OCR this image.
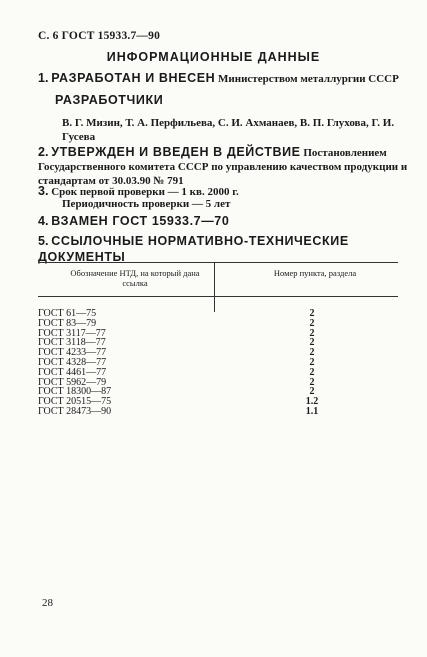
С. 6 ГОСТ 15933.7—90
ИНФОРМАЦИОННЫЕ ДАННЫЕ
1. РАЗРАБОТАН И ВНЕСЕН Министерством металлургии СССР
РАЗРАБОТЧИКИ
В. Г. Мизин, Т. А. Перфильева, С. И. Ахманаев, В. П. Глухова, Г. И. Гусева
2. УТВЕРЖДЕН И ВВЕДЕН В ДЕЙСТВИЕ Постановлением Государственного комитета СССР по управлению качеством продукции и стандартам от 30.03.90 № 791
3. Срок первой проверки — 1 кв. 2000 г.
Периодичность проверки — 5 лет
4. ВЗАМЕН ГОСТ 15933.7—70
5. ССЫЛОЧНЫЕ НОРМАТИВНО-ТЕХНИЧЕСКИЕ ДОКУМЕНТЫ
Обозначение НТД, на который дана ссылка
Номер пункта, раздела
ГОСТ 61—75
ГОСТ 83—79
ГОСТ 3117—77
ГОСТ 3118—77
ГОСТ 4233—77
ГОСТ 4328—77
ГОСТ 4461—77
ГОСТ 5962—79
ГОСТ 18300—87
ГОСТ 20515—75
ГОСТ 28473—90
2
2
2
2
2
2
2
2
2
1.2
1.1
28
